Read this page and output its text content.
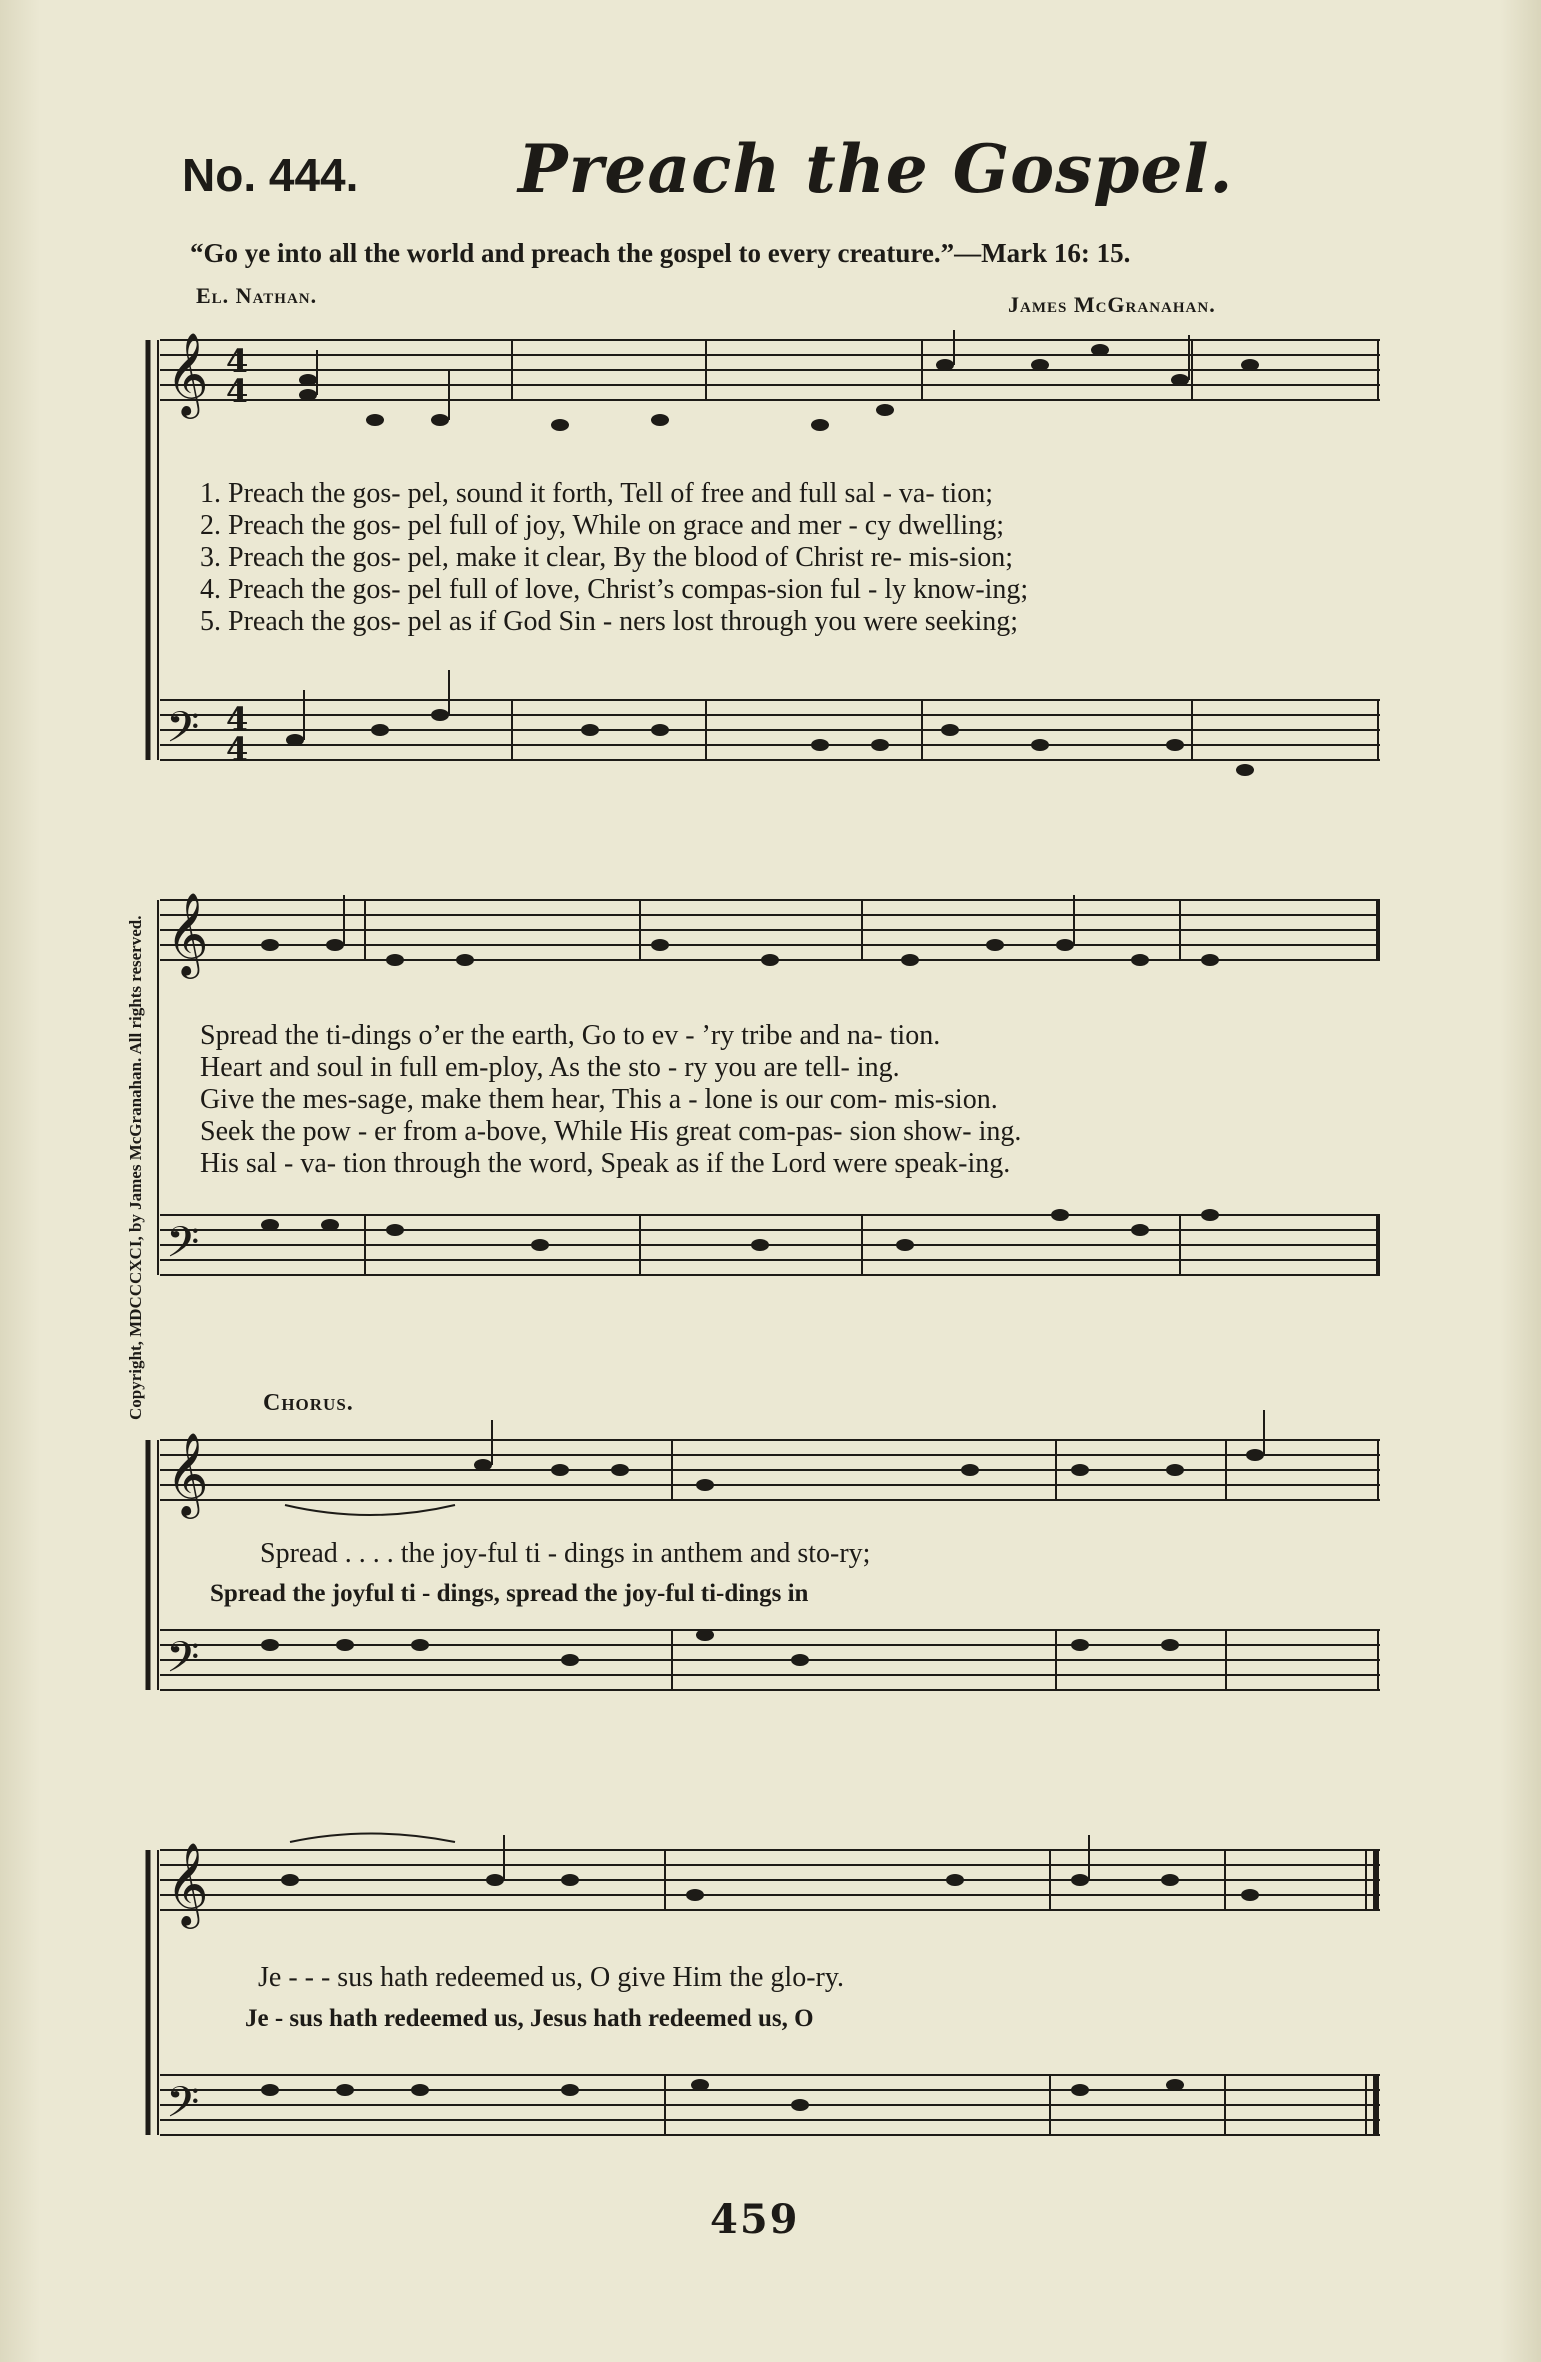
𝄞 4
4
𝄢 4
4
𝄞
𝄢
𝄞
𝄢
𝄞
𝄢
No. 444. Preach the Gospel.
“Go ye into all the world and preach the gospel to every creature.”—Mark 16: 15.
El. Nathan.	James McGranahan.
Copyright, MDCCCXCI, by James McGranahan. All rights reserved.
1. Preach the gos- pel, sound it forth, Tell of free and full sal - va- tion;
2. Preach the gos- pel full of joy, While on grace and mer - cy dwelling;
3. Preach the gos- pel, make it clear, By the blood of Christ re- mis-sion;
4. Preach the gos- pel full of love, Christ’s compas-sion ful - ly know-ing;
5. Preach the gos- pel as if God Sin - ners lost through you were seeking;
Spread the ti-dings o’er the earth, Go to ev - ’ry tribe and na- tion.
Heart and soul in full em-ploy, As the sto - ry you are tell- ing.
Give the mes-sage, make them hear, This a - lone is our com- mis-sion.
Seek the pow - er from a-bove, While His great com-pas- sion show- ing.
His sal - va- tion through the word, Speak as if the Lord were speak-ing.
Chorus.
Spread . . . . the joy-ful ti - dings in anthem and sto-ry;
Spread the joyful ti - dings, spread the joy-ful ti-dings in
Je - - - sus hath redeemed us, O give Him the glo-ry.
Je - sus hath redeemed us, Jesus hath redeemed us, O
459
